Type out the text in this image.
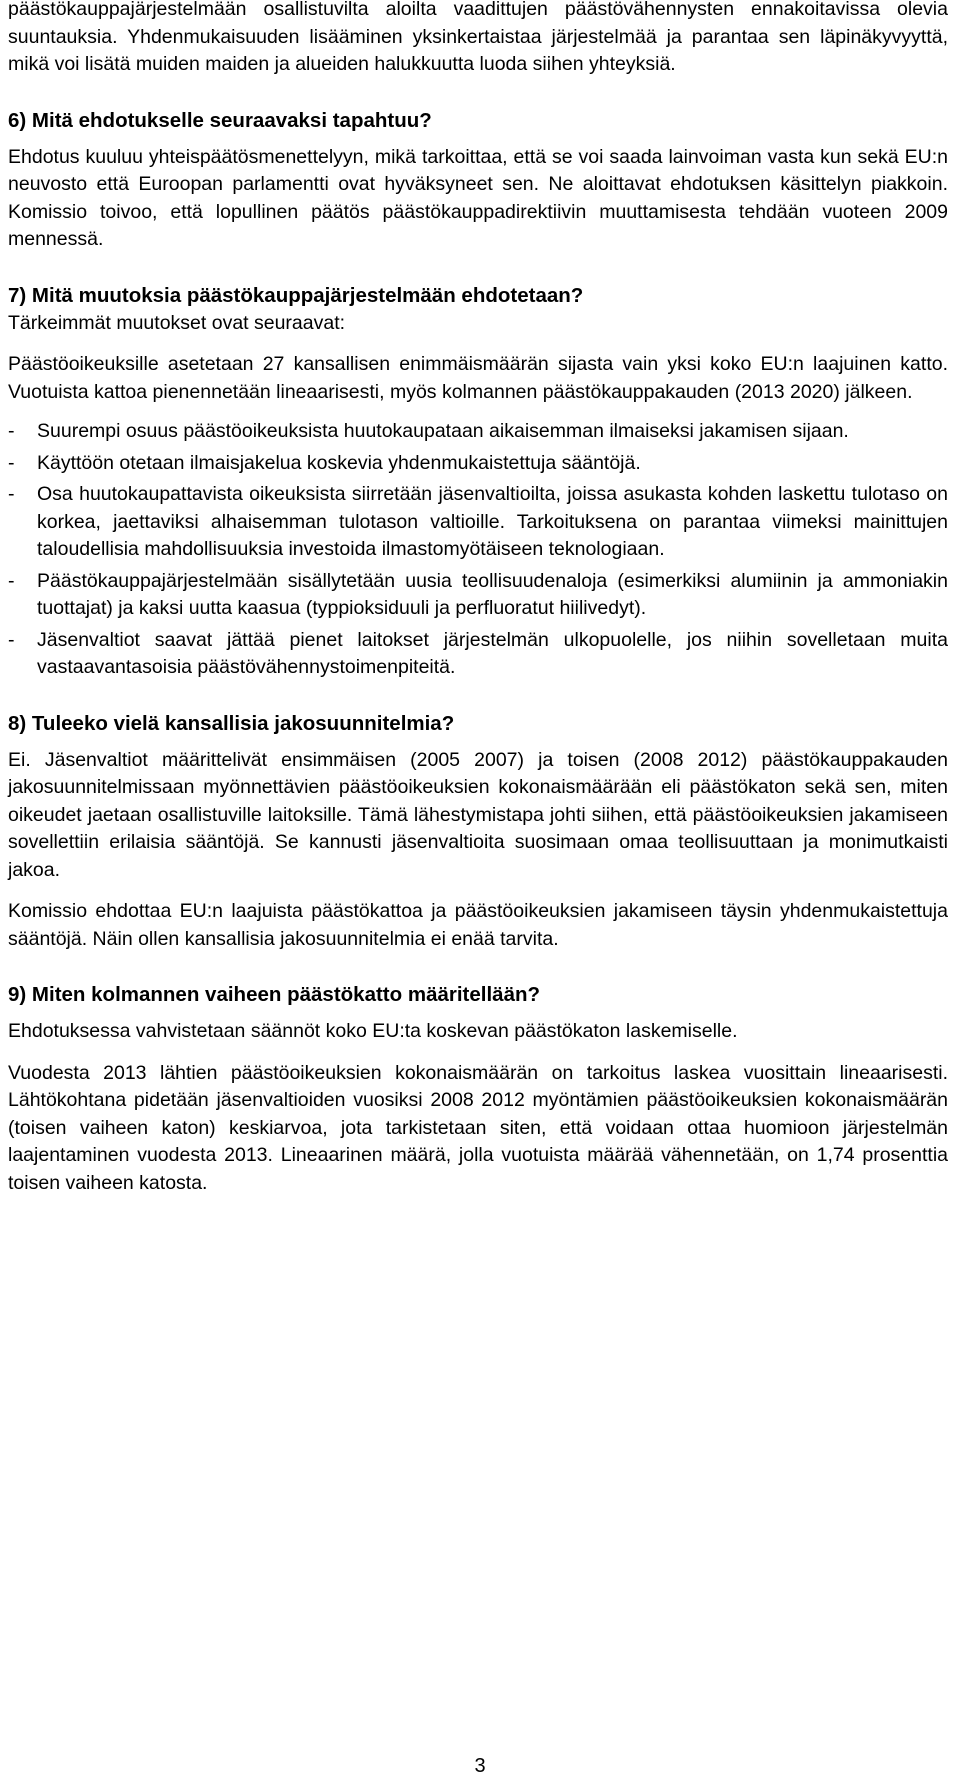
päästökauppajärjestelmään osallistuvilta aloilta vaadittujen päästövähennysten ennakoitavissa olevia suuntauksia. Yhdenmukaisuuden lisääminen yksinkertaistaa järjestelmää ja parantaa sen läpinäkyvyyttä, mikä voi lisätä muiden maiden ja alueiden halukkuutta luoda siihen yhteyksiä.

6) Mitä ehdotukselle seuraavaksi tapahtuu?

Ehdotus kuuluu yhteispäätösmenettelyyn, mikä tarkoittaa, että se voi saada lainvoiman vasta kun sekä EU:n neuvosto että Euroopan parlamentti ovat hyväksyneet sen. Ne aloittavat ehdotuksen käsittelyn piakkoin. Komissio toivoo, että lopullinen päätös päästökauppadirektiivin muuttamisesta tehdään vuoteen 2009 mennessä.

7) Mitä muutoksia päästökauppajärjestelmään ehdotetaan?

Tärkeimmät muutokset ovat seuraavat:

Päästöoikeuksille asetetaan 27 kansallisen enimmäismäärän sijasta vain yksi koko EU:n laajuinen katto. Vuotuista kattoa pienennetään lineaarisesti, myös kolmannen päästökauppakauden (2013 2020) jälkeen.

- Suurempi osuus päästöoikeuksista huutokaupataan aikaisemman ilmaiseksi jakamisen sijaan.
- Käyttöön otetaan ilmaisjakelua koskevia yhdenmukaistettuja sääntöjä.
- Osa huutokaupattavista oikeuksista siirretään jäsenvaltioilta, joissa asukasta kohden laskettu tulotaso on korkea, jaettaviksi alhaisemman tulotason valtioille. Tarkoituksena on parantaa viimeksi mainittujen taloudellisia mahdollisuuksia investoida ilmastomyötäiseen teknologiaan.
- Päästökauppajärjestelmään sisällytetään uusia teollisuudenaloja (esimerkiksi alumiinin ja ammoniakin tuottajat) ja kaksi uutta kaasua (typpioksiduuli ja perfluoratut hiilivedyt).
- Jäsenvaltiot saavat jättää pienet laitokset järjestelmän ulkopuolelle, jos niihin sovelletaan muita vastaavantasoisia päästövähennystoimenpiteitä.
8) Tuleeko vielä kansallisia jakosuunnitelmia?

Ei. Jäsenvaltiot määrittelivät ensimmäisen (2005 2007) ja toisen (2008 2012) päästökauppakauden jakosuunnitelmissaan myönnettävien päästöoikeuksien kokonaismäärään eli päästökaton sekä sen, miten oikeudet jaetaan osallistuville laitoksille. Tämä lähestymistapa johti siihen, että päästöoikeuksien jakamiseen sovellettiin erilaisia sääntöjä. Se kannusti jäsenvaltioita suosimaan omaa teollisuuttaan ja monimutkaisti jakoa.

Komissio ehdottaa EU:n laajuista päästökattoa ja päästöoikeuksien jakamiseen täysin yhdenmukaistettuja sääntöjä. Näin ollen kansallisia jakosuunnitelmia ei enää tarvita.

9) Miten kolmannen vaiheen päästökatto määritellään?

Ehdotuksessa vahvistetaan säännöt koko EU:ta koskevan päästökaton laskemiselle.

Vuodesta 2013 lähtien päästöoikeuksien kokonaismäärän on tarkoitus laskea vuosittain lineaarisesti. Lähtökohtana pidetään jäsenvaltioiden vuosiksi 2008 2012 myöntämien päästöoikeuksien kokonaismäärän (toisen vaiheen katon) keskiarvoa, jota tarkistetaan siten, että voidaan ottaa huomioon järjestelmän laajentaminen vuodesta 2013. Lineaarinen määrä, jolla vuotuista määrää vähennetään, on 1,74 prosenttia toisen vaiheen katosta.

3
